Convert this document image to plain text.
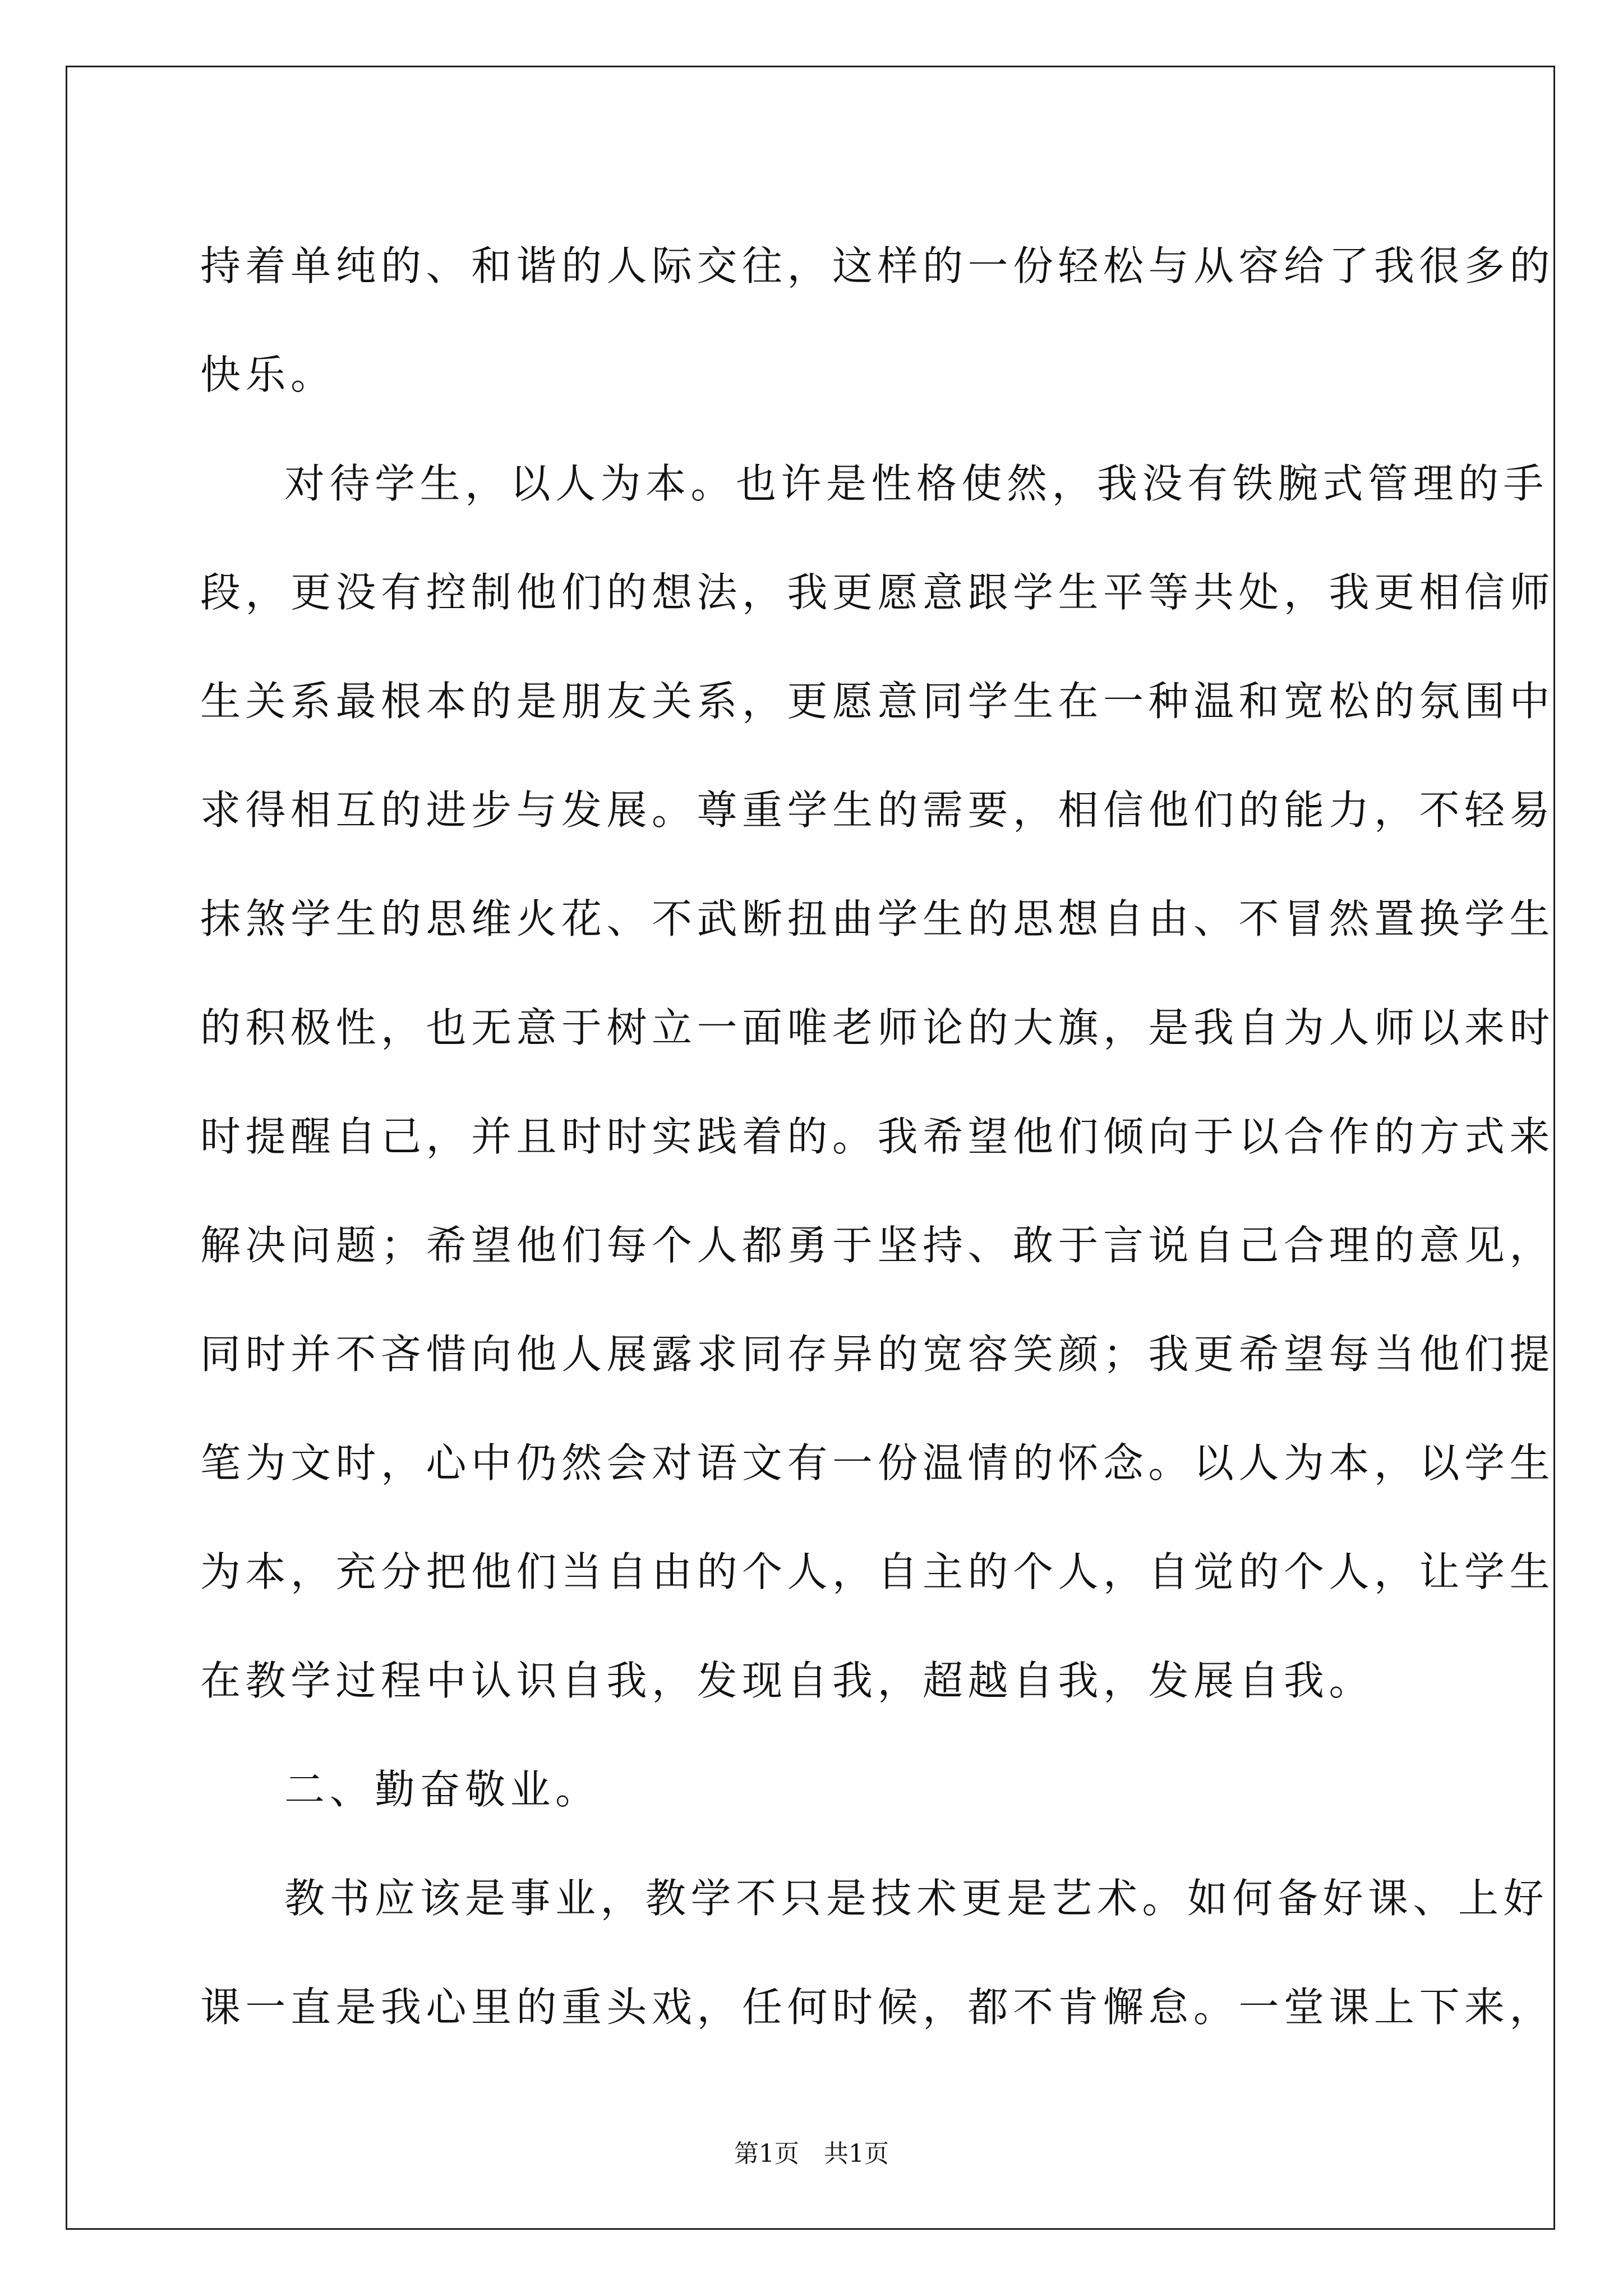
持着单纯的、和谐的人际交往，这样的一份轻松与从容给了我很多的
快乐。
对待学生，以人为本。也许是性格使然，我没有铁腕式管理的手
段，更没有控制他们的想法，我更愿意跟学生平等共处，我更相信师
生关系最根本的是朋友关系，更愿意同学生在一种温和宽松的氛围中
求得相互的进步与发展。尊重学生的需要，相信他们的能力，不轻易
抹煞学生的思维火花、不武断扭曲学生的思想自由、不冒然置换学生
的积极性，也无意于树立一面唯老师论的大旗，是我自为人师以来时
时提醒自己，并且时时实践着的。我希望他们倾向于以合作的方式来
解决问题；希望他们每个人都勇于坚持、敢于言说自己合理的意见，
同时并不吝惜向他人展露求同存异的宽容笑颜；我更希望每当他们提
笔为文时，心中仍然会对语文有一份温情的怀念。以人为本，以学生
为本，充分把他们当自由的个人，自主的个人，自觉的个人，让学生
在教学过程中认识自我，发现自我，超越自我，发展自我。
二、勤奋敬业。
教书应该是事业，教学不只是技术更是艺术。如何备好课、上好
课一直是我心里的重头戏，任何时候，都不肯懈怠。一堂课上下来，
第1页　共1页
